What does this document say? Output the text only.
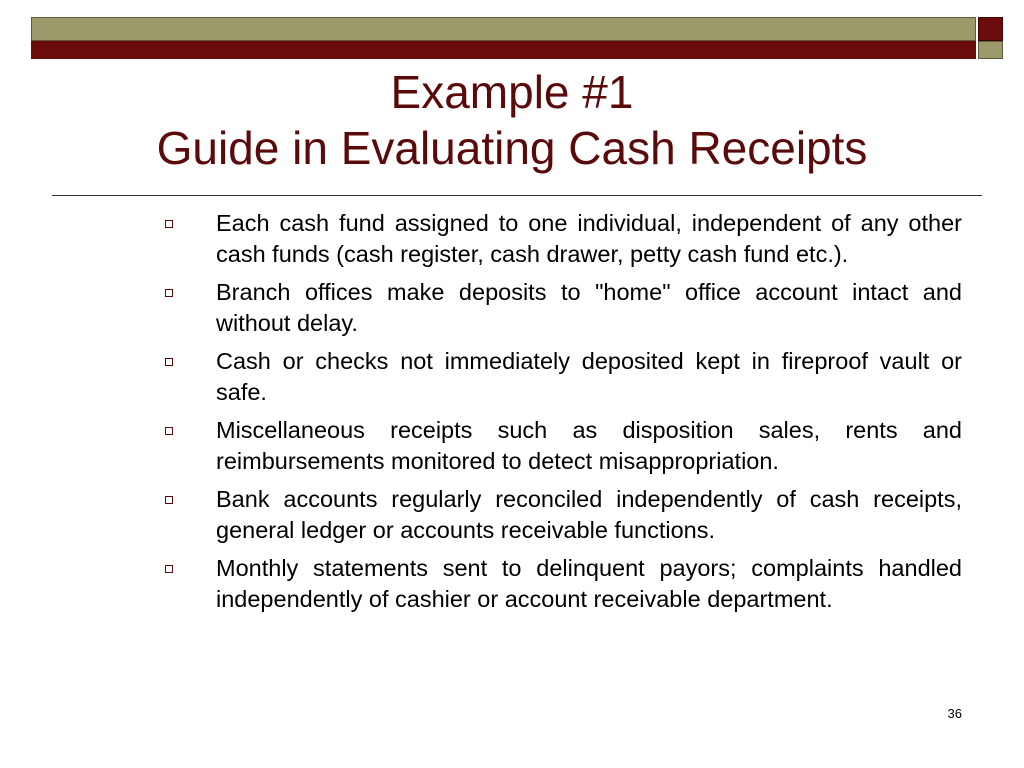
Example #1
Guide in Evaluating Cash Receipts
Each cash fund assigned to one individual, independent of any other cash funds (cash register, cash drawer, petty cash fund etc.).
Branch offices make deposits to "home" office account intact and without delay.
Cash or checks not immediately deposited kept in fireproof vault or safe.
Miscellaneous receipts such as disposition sales, rents and reimbursements monitored to detect misappropriation.
Bank accounts regularly reconciled independently of cash receipts, general ledger or accounts receivable functions.
Monthly statements sent to delinquent payors; complaints handled independently of cashier or account receivable department.
36
